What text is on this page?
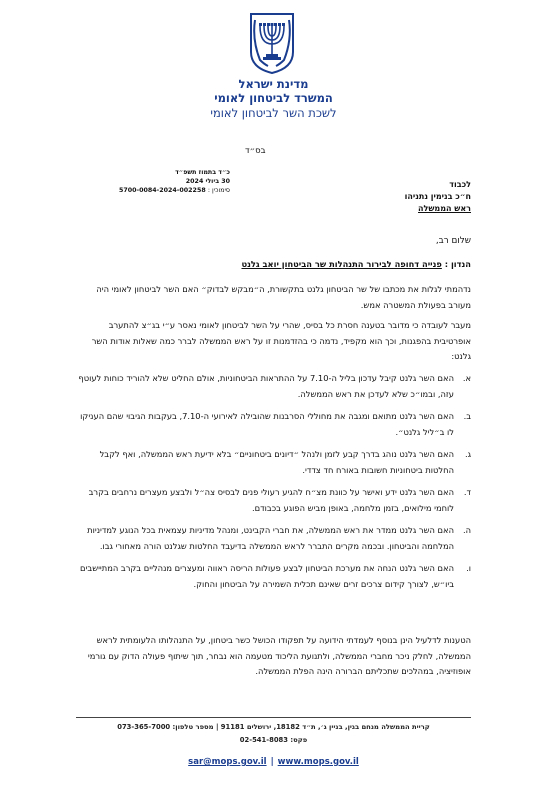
מדינת ישראל
המשרד לביטחון לאומי
לשכת השר לביטחון לאומי
בס״ד
כ״ד בתמוז תשפ״ד
30 ביולי 2024
סימוכין : 5700-0084-2024-002258
לכבוד
ח״כ בנימין נתניהו
ראש הממשלה
שלום רב,
הנדון : פנייה דחופה לבירור התנהלות שר הביטחון יואב גלנט
נדהמתי לגלות את מכתבו של שר הביטחון גלנט בתקשורת, ה״מבקש לבדוק״ האם השר לביטחון לאומי היה מעורב בפעולת המשטרה אמש.
מעבר לעובדה כי מדובר בטענה חסרת כל בסיס, שהרי על השר לביטחון לאומי נאסר ע״י בג״צ להתערב אופרטיבית בהפגנות, וכך הוא מקפיד, נדמה כי בהזדמנות זו על ראש הממשלה לברר כמה שאלות אודות השר גלנט:
א.
האם השר גלנט קיבל עדכון בליל ה-7.10 על ההתראות הביטחוניות, אולם החליט שלא להוריד כוחות לעוטף עזה, ובמו״כ שלא לעדכן את ראש הממשלה.
ב.
האם השר גלנט מתואם ומגבה את מחוללי הסרבנות שהובילה לאירועי ה-7.10, בעקבות הגיבוי שהם העניקו לו ב״ליל גלנט״.
ג.
האם השר גלנט נוהג בדרך קבע לזמן ולנהל ״דיונים ביטחוניים״ בלא ידיעת ראש הממשלה, ואף לקבל החלטות ביטחוניות חשובות באורח חד צדדי.
ד.
האם השר גלנט ידע ואישר על כוונת מצ״ח להגיע רעולי פנים לבסיס צה״ל ולבצע מעצרים נרחבים בקרב לוחמי מילואים, בזמן מלחמה, באופן מביש הפוגע בכבודם.
ה.
האם השר גלנט ממדר את ראש הממשלה, את חברי הקבינט, ומנהל מדיניות עצמאית בכל הנוגע למדיניות המלחמה והביטחון. ובכמה מקרים התברר לראש הממשלה בדיעבד החלטות שגלנט הורה מאחורי גבו.
ו.
האם השר גלנט הנחה את מערכת הביטחון לבצע פעולות הריסה ראווה ומעצרים מנהליים בקרב המתיישבים ביו״ש, לצורך קידום צרכים זרים שאינם תכלית השמירה על הביטחון והחוק.
הטענות לדלעיל הינן בנוסף לעמדתי הידועה על תפקודו הכושל כשר ביטחון, על התנהלותו הלעומתית לראש הממשלה, לחלק ניכר מחברי הממשלה, ולתנועת הליכוד מטעמה הוא נבחר, תוך שיתוף פעולה הדוק עם גורמי אופוזיציה, במהלכים שתכליתם הברורה הינה הפלת הממשלה.
קריית הממשלה מנחם בגין, בניין ג׳, ת״ד 18182, ירושלים 91181 | מספר טלפון: 073-365-7000
פקס: 02-541-8083
sar@mops.gov.il | www.mops.gov.il
